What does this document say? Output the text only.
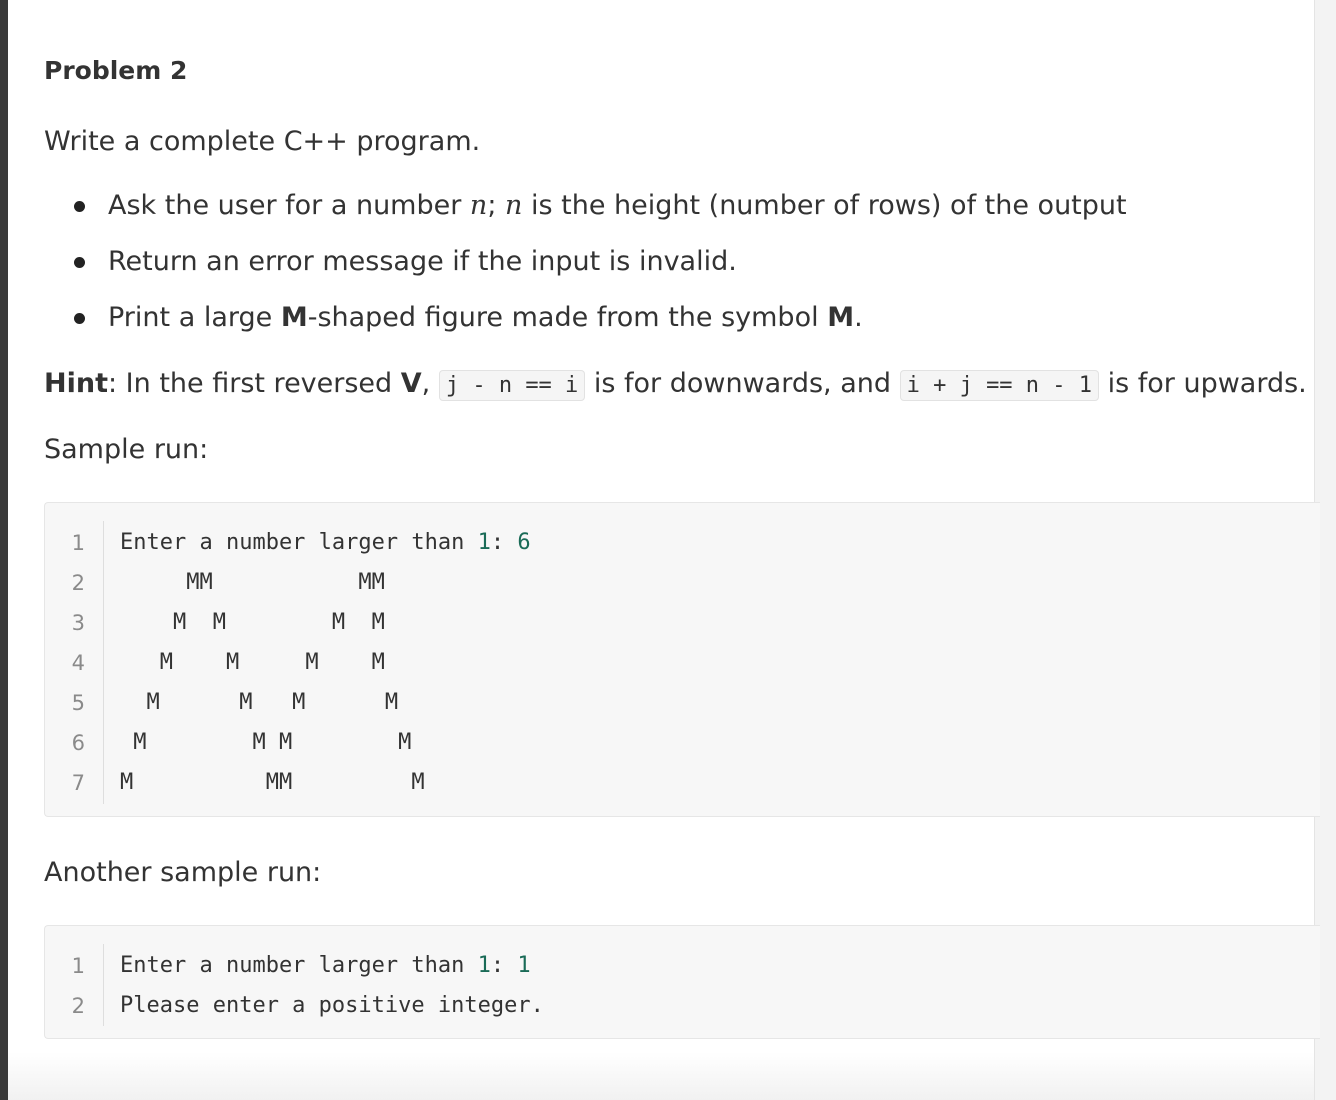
Problem 2

Write a complete C++ program.

Ask the user for a number n; n is the height (number of rows) of the output
Return an error message if the input is invalid.
Print a large M-shaped figure made from the symbol M.

Hint: In the first reversed V, j - n == i is for downwards, and i + j == n - 1 is for upwards.

Sample run:

1 Enter a number larger than 1: 6
2 MM           MM
3 M  M        M  M
4 M    M     M    M
5 M      M   M      M
6 M        M M        M
7 M          MM         M

Another sample run:

1 Enter a number larger than 1: 1
2 Please enter a positive integer.
